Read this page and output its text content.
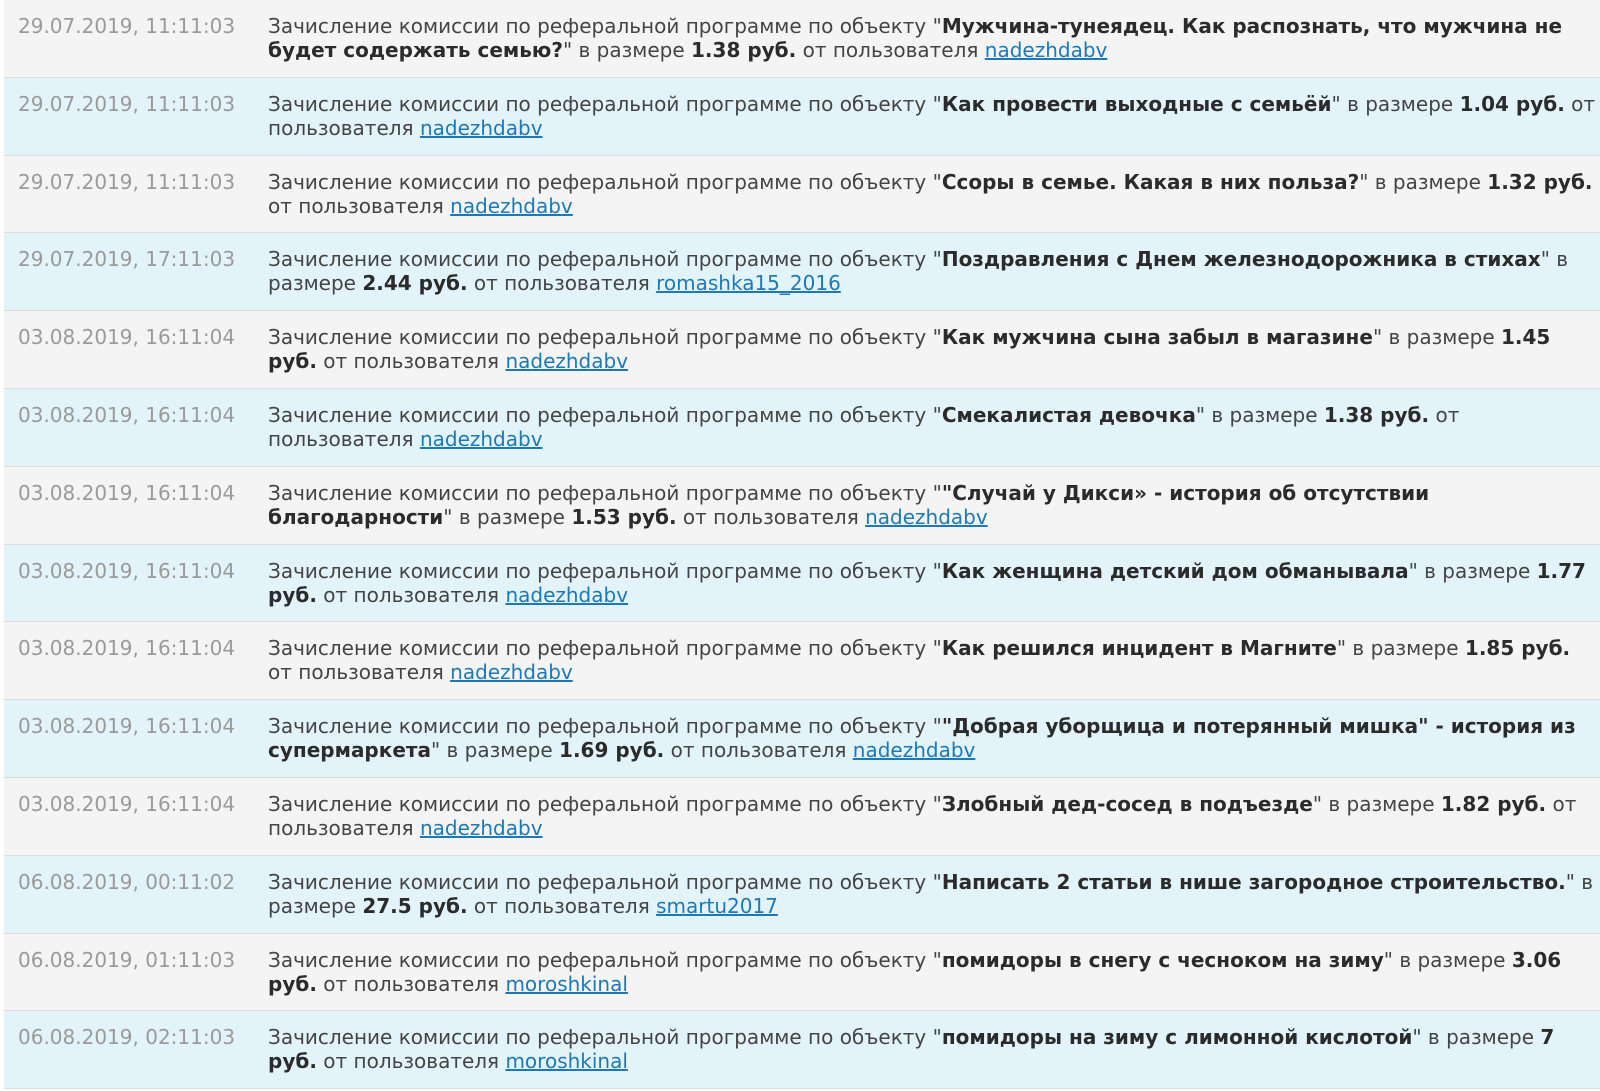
29.07.2019, 11:11:03 Зачисление комиссии по реферальной программе по объекту "Мужчина-тунеядец. Как распознать, что мужчина не будет содержать семью?" в размере 1.38 руб. от пользователя nadezhdabv
29.07.2019, 11:11:03 Зачисление комиссии по реферальной программе по объекту "Как провести выходные с семьёй" в размере 1.04 руб. от пользователя nadezhdabv
29.07.2019, 11:11:03 Зачисление комиссии по реферальной программе по объекту "Ссоры в семье. Какая в них польза?" в размере 1.32 руб. от пользователя nadezhdabv
29.07.2019, 17:11:03 Зачисление комиссии по реферальной программе по объекту "Поздравления с Днем железнодорожника в стихах" в размере 2.44 руб. от пользователя romashka15_2016
03.08.2019, 16:11:04 Зачисление комиссии по реферальной программе по объекту "Как мужчина сына забыл в магазине" в размере 1.45 руб. от пользователя nadezhdabv
03.08.2019, 16:11:04 Зачисление комиссии по реферальной программе по объекту "Смекалистая девочка" в размере 1.38 руб. от пользователя nadezhdabv
03.08.2019, 16:11:04 Зачисление комиссии по реферальной программе по объекту ""Случай у Дикси» - история об отсутствии благодарности" в размере 1.53 руб. от пользователя nadezhdabv
03.08.2019, 16:11:04 Зачисление комиссии по реферальной программе по объекту "Как женщина детский дом обманывала" в размере 1.77 руб. от пользователя nadezhdabv
03.08.2019, 16:11:04 Зачисление комиссии по реферальной программе по объекту "Как решился инцидент в Магните" в размере 1.85 руб. от пользователя nadezhdabv
03.08.2019, 16:11:04 Зачисление комиссии по реферальной программе по объекту ""Добрая уборщица и потерянный мишка" - история из супермаркета" в размере 1.69 руб. от пользователя nadezhdabv
03.08.2019, 16:11:04 Зачисление комиссии по реферальной программе по объекту "Злобный дед-сосед в подъезде" в размере 1.82 руб. от пользователя nadezhdabv
06.08.2019, 00:11:02 Зачисление комиссии по реферальной программе по объекту "Написать 2 статьи в нише загородное строительство." в размере 27.5 руб. от пользователя smartu2017
06.08.2019, 01:11:03 Зачисление комиссии по реферальной программе по объекту "помидоры в снегу с чесноком на зиму" в размере 3.06 руб. от пользователя moroshkinal
06.08.2019, 02:11:03 Зачисление комиссии по реферальной программе по объекту "помидоры на зиму с лимонной кислотой" в размере 7 руб. от пользователя moroshkinal
